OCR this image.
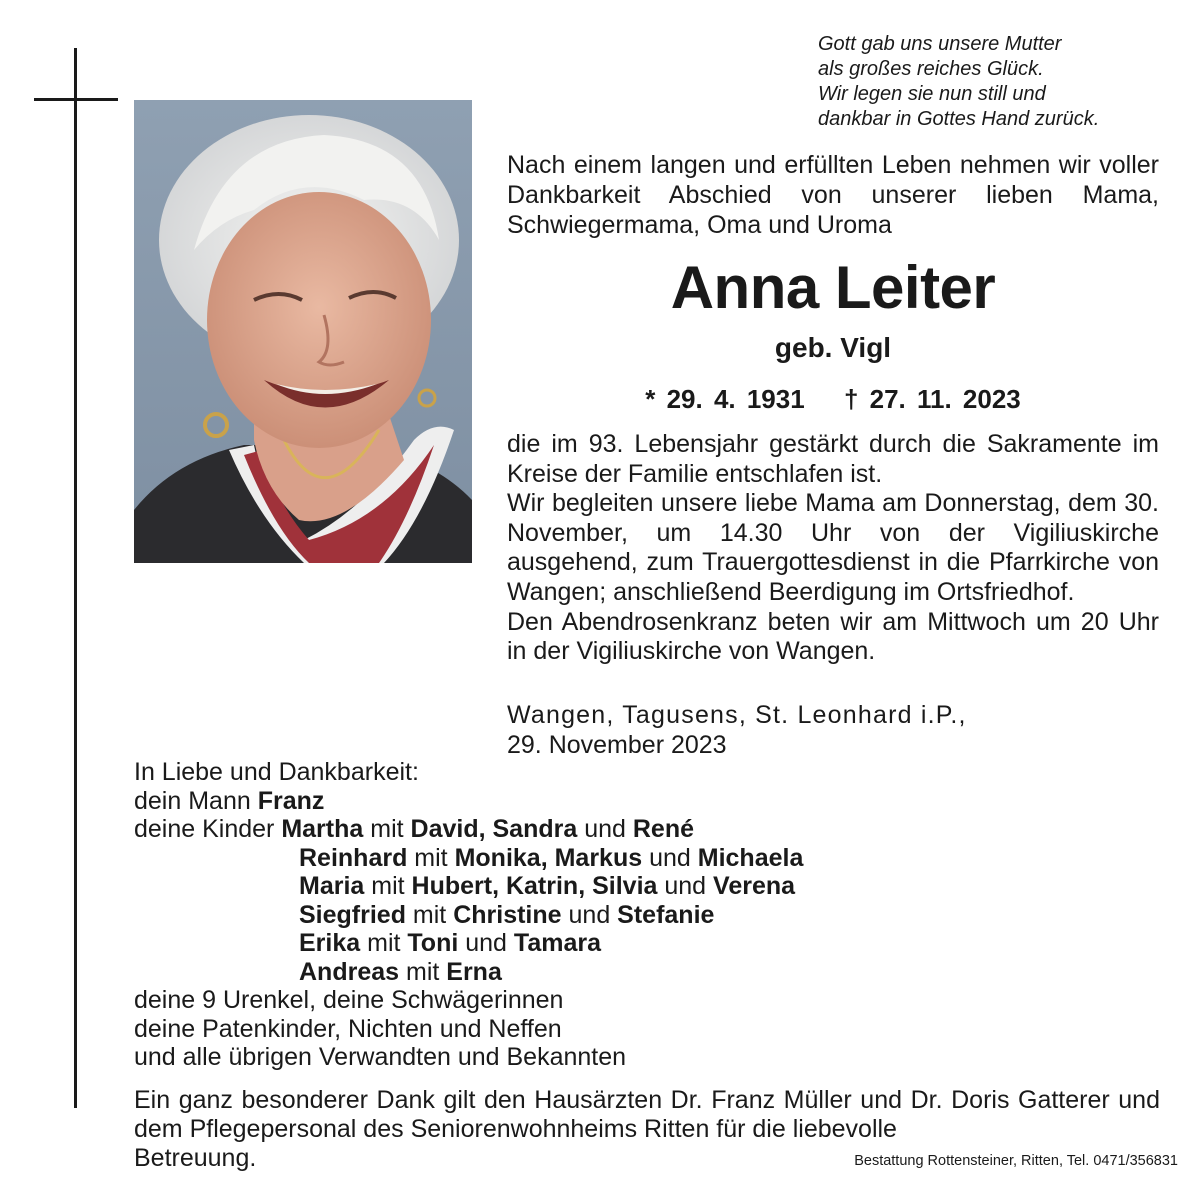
Gott gab uns unsere Mutter
als großes reiches Glück.
Wir legen sie nun still und
dankbar in Gottes Hand zurück.
Nach einem langen und erfüllten Leben nehmen wir voller Dankbarkeit Abschied von unserer lieben Mama, Schwiegermama, Oma und Uroma
Anna Leiter
geb. Vigl
* 29. 4. 1931 † 27. 11. 2023

die im 93. Lebensjahr gestärkt durch die Sakramente im Kreise der Familie entschlafen ist.

Wir begleiten unsere liebe Mama am Donnerstag, dem 30. November, um 14.30 Uhr von der Vigiliuskirche ausgehend, zum Trauergottesdienst in die Pfarrkirche von Wangen; anschließend Beerdigung im Ortsfriedhof.

Den Abendrosenkranz beten wir am Mittwoch um 20 Uhr in der Vigiliuskirche von Wangen.

Wangen, Tagusens, St. Leonhard i.P.,
29. November 2023
In Liebe und Dankbarkeit:
dein Mann Franz
deine Kinder Martha mit David, Sandra und René
Reinhard mit Monika, Markus und Michaela
Maria mit Hubert, Katrin, Silvia und Verena
Siegfried mit Christine und Stefanie
Erika mit Toni und Tamara
Andreas mit Erna
deine 9 Urenkel, deine Schwägerinnen
deine Patenkinder, Nichten und Neffen
und alle übrigen Verwandten und Bekannten
Ein ganz besonderer Dank gilt den Hausärzten Dr. Franz Müller und Dr. Doris Gatterer und dem Pflegepersonal des Seniorenwohnheims Ritten für die liebevolle
Betreuung.	Bestattung Rottensteiner, Ritten, Tel. 0471/356831
